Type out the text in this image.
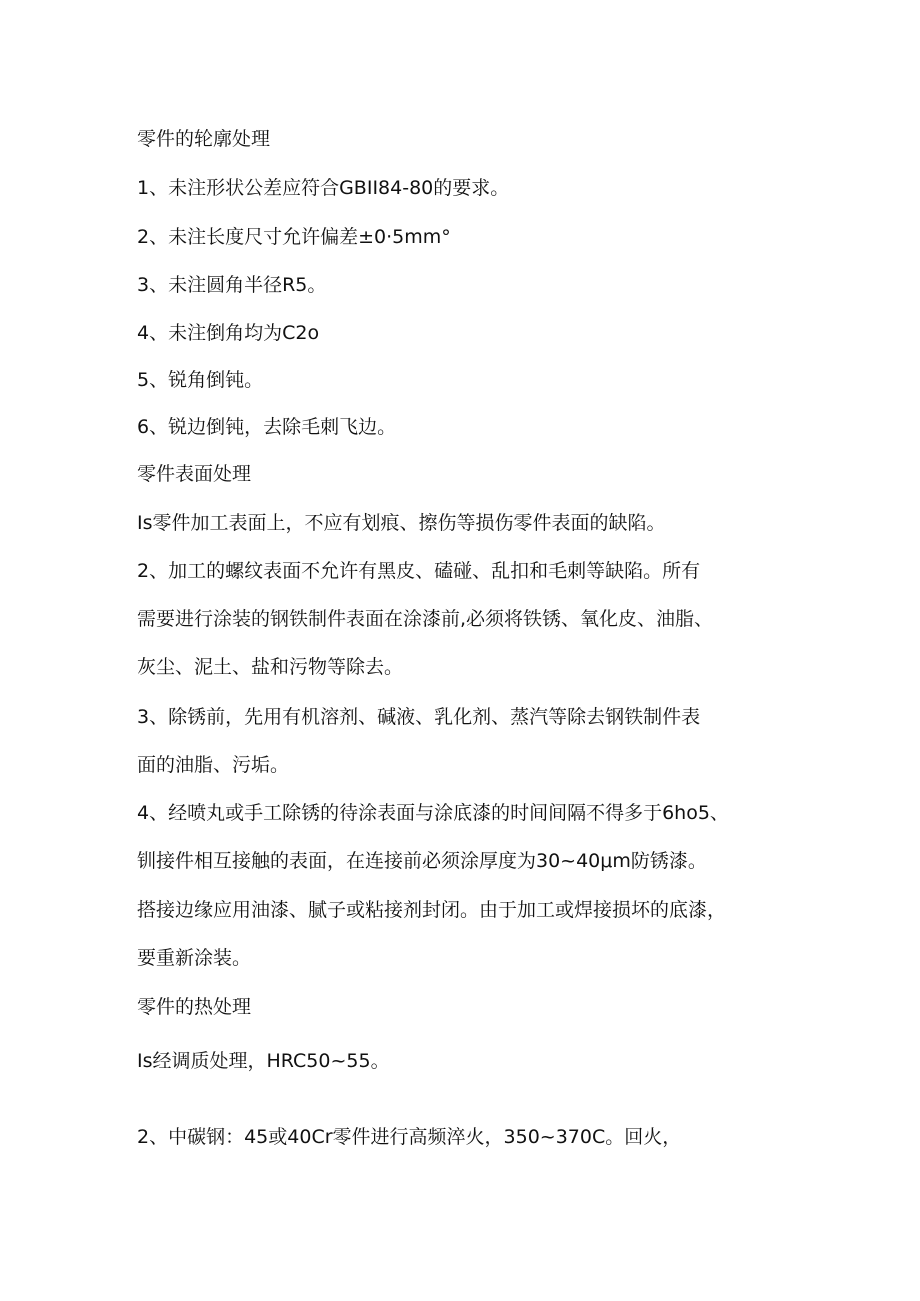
零件的轮廓处理

1、未注形状公差应符合GBII84-80的要求。

2、未注长度尺寸允许偏差±0·5mm°

3、未注圆角半径R5。

4、未注倒角均为C2o

5、锐角倒钝。

6、锐边倒钝，去除毛刺飞边。

零件表面处理

Is零件加工表面上，不应有划痕、擦伤等损伤零件表面的缺陷。

2、加工的螺纹表面不允许有黑皮、磕碰、乱扣和毛刺等缺陷。所有

需要进行涂装的钢铁制件表面在涂漆前,必须将铁锈、氧化皮、油脂、

灰尘、泥土、盐和污物等除去。

3、除锈前，先用有机溶剂、碱液、乳化剂、蒸汽等除去钢铁制件表

面的油脂、污垢。

4、经喷丸或手工除锈的待涂表面与涂底漆的时间间隔不得多于6ho5、

钏接件相互接触的表面，在连接前必须涂厚度为30~40μm防锈漆。

搭接边缘应用油漆、腻子或粘接剂封闭。由于加工或焊接损坏的底漆，

要重新涂装。

零件的热处理

Is经调质处理，HRC50~55。

2、中碳钢：45或40Cr零件进行高频淬火，350~370C。回火，
